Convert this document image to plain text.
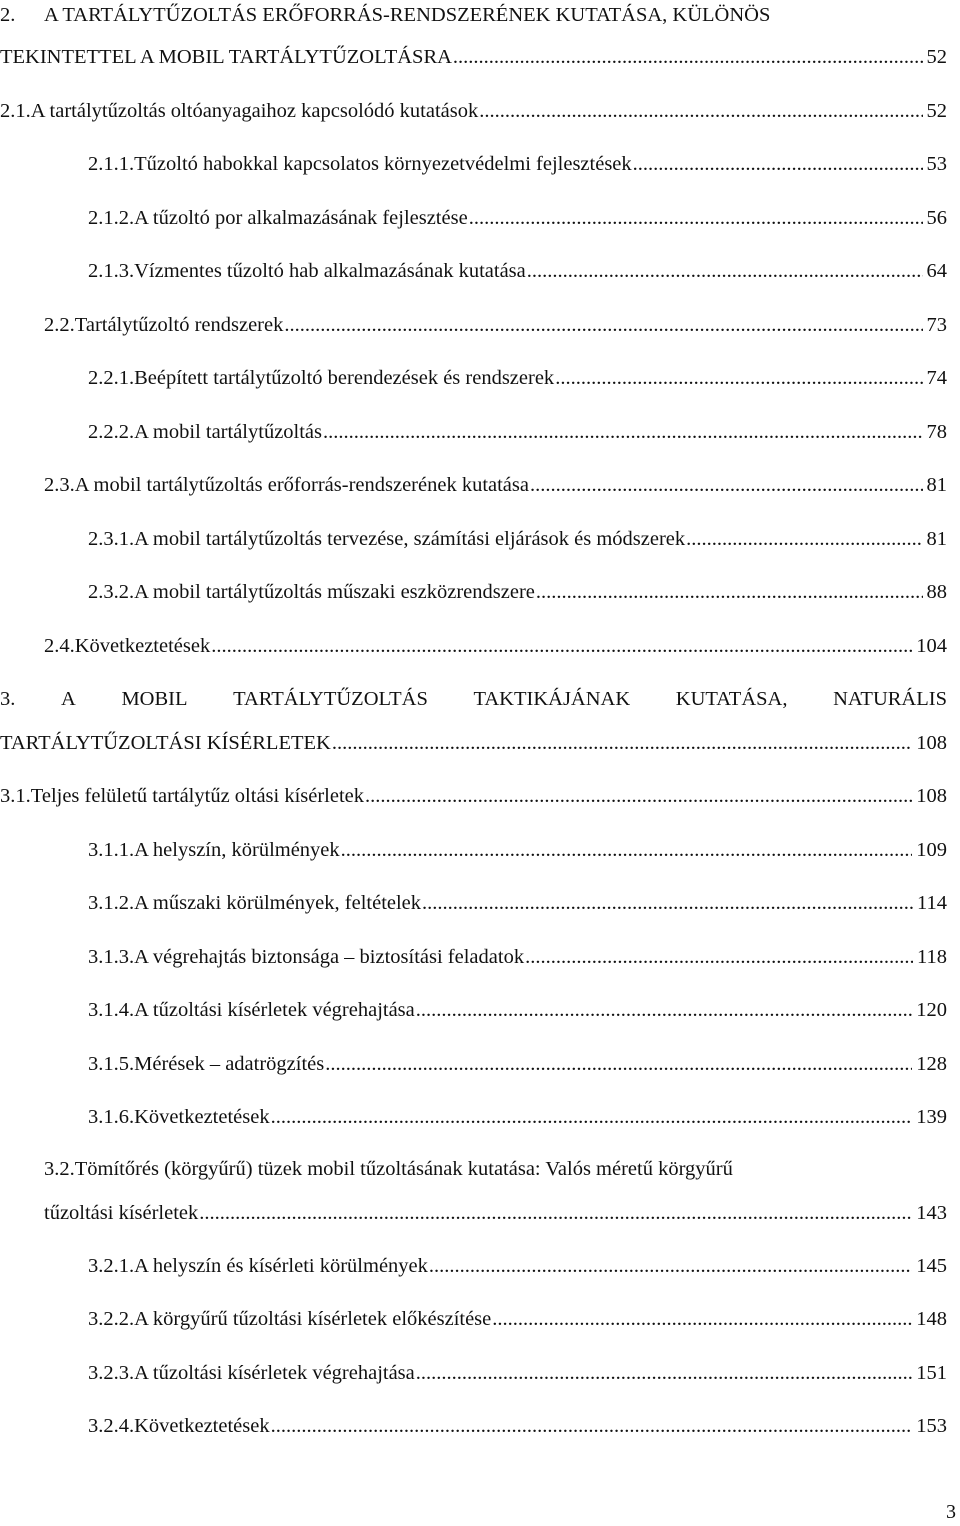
2. A TARTÁLYTŰZOLTÁS ERŐFORRÁS-RENDSZERÉNEK KUTATÁSA, KÜLÖNÖS
TEKINTETTEL A MOBIL TARTÁLYTŰZOLTÁSRA .....	52
2.1. A tartálytűzoltás oltóanyagaihoz kapcsolódó kutatások .....	52
2.1.1. Tűzoltó habokkal kapcsolatos környezetvédelmi fejlesztések .....	53
2.1.2. A tűzoltó por alkalmazásának fejlesztése .....	56
2.1.3. Vízmentes tűzoltó hab alkalmazásának kutatása .....	64
2.2. Tartálytűzoltó rendszerek .....	73
2.2.1. Beépített tartálytűzoltó berendezések és rendszerek .....	74
2.2.2. A mobil tartálytűzoltás .....	78
2.3. A mobil tartálytűzoltás erőforrás-rendszerének kutatása .....	81
2.3.1. A mobil tartálytűzoltás tervezése, számítási eljárások és módszerek .....	81
2.3.2. A mobil tartálytűzoltás műszaki eszközrendszere .....	88
2.4. Következtetések .....	104
3. A MOBIL TARTÁLYTŰZOLTÁS TAKTIKÁJÁNAK KUTATÁSA, NATURÁLIS
TARTÁLYTŰZOLTÁSI KÍSÉRLETEK .....	108
3.1. Teljes felületű tartálytűz oltási kísérletek .....	108
3.1.1. A helyszín, körülmények .....	109
3.1.2. A műszaki körülmények, feltételek .....	114
3.1.3. A végrehajtás biztonsága – biztosítási feladatok .....	118
3.1.4. A tűzoltási kísérletek végrehajtása .....	120
3.1.5. Mérések – adatrögzítés .....	128
3.1.6. Következtetések .....	139
3.2.Tömítőrés (körgyűrű) tüzek mobil tűzoltásának kutatása: Valós méretű körgyűrű
tűzoltási kísérletek .....	143
3.2.1. A helyszín és kísérleti körülmények .....	145
3.2.2. A körgyűrű tűzoltási kísérletek előkészítése .....	148
3.2.3. A tűzoltási kísérletek végrehajtása .....	151
3.2.4. Következtetések .....	153
3
